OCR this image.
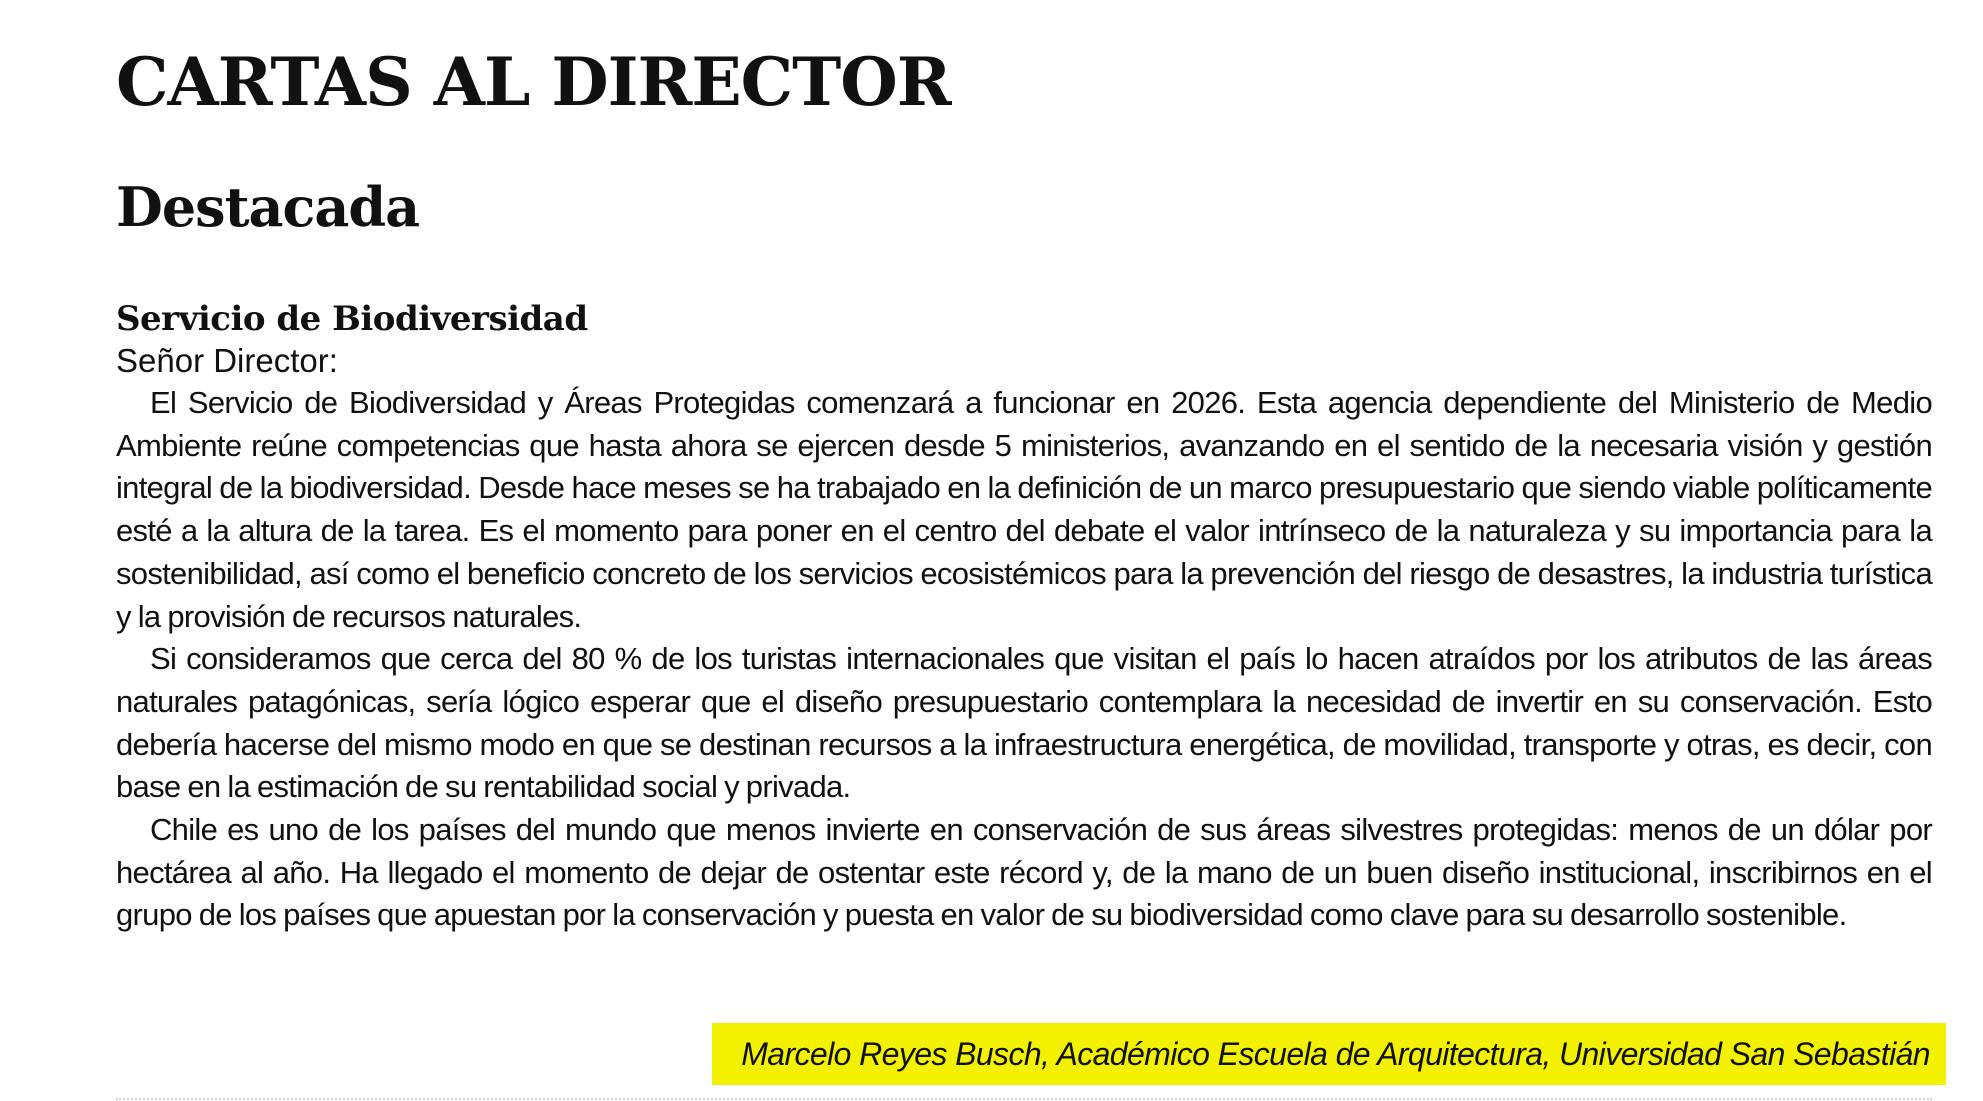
CARTAS AL DIRECTOR
Destacada
Servicio de Biodiversidad

Señor Director:

El Servicio de Biodiversidad y Áreas Protegidas comenzará a funcionar en 2026. Esta agencia dependiente del Ministerio de Medio Ambiente reúne competencias que hasta ahora se ejercen desde 5 ministerios, avanzando en el sentido de la necesaria visión y gestión integral de la biodiversidad. Desde hace meses se ha trabajado en la definición de un marco presupuestario que siendo viable políticamente esté a la altura de la tarea. Es el momento para poner en el centro del debate el valor intrínseco de la naturaleza y su importancia para la sostenibilidad, así como el beneficio concreto de los servicios ecosistémicos para la prevención del riesgo de desastres, la industria turística y la provisión de recursos naturales.

Si consideramos que cerca del 80 % de los turistas internacionales que visitan el país lo hacen atraídos por los atributos de las áreas naturales patagónicas, sería lógico esperar que el diseño presupuestario contemplara la necesidad de invertir en su conservación. Esto debería hacerse del mismo modo en que se destinan recursos a la infraestructura energética, de movilidad, transporte y otras, es decir, con base en la estimación de su rentabilidad social y privada.

Chile es uno de los países del mundo que menos invierte en conservación de sus áreas silvestres protegidas: menos de un dólar por hectárea al año. Ha llegado el momento de dejar de ostentar este récord y, de la mano de un buen diseño institucional, inscribirnos en el grupo de los países que apuestan por la conservación y puesta en valor de su biodiversidad como clave para su desarrollo sostenible.

Marcelo Reyes Busch, Académico Escuela de Arquitectura, Universidad San Sebastián
